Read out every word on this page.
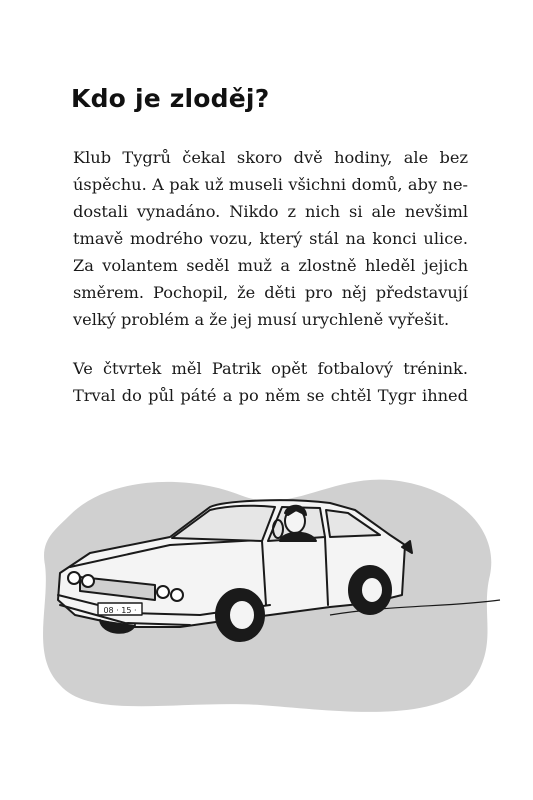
Kdo je zloděj?
Klub Tygrů čekal skoro dvě hodiny, ale bez
úspěchu. A pak už museli všichni domů, aby ne-
dostali vynadáno. Nikdo z nich si ale nevšiml
tmavě modrého vozu, který stál na konci ulice.
Za volantem seděl muž a zlostně hleděl jejich
směrem. Pochopil, že děti pro něj představují
velký problém a že jej musí urychleně vyřešit.
Ve čtvrtek měl Patrik opět fotbalový trénink.
Trval do půl páté a po něm se chtěl Tygr ihned
08 · 15 ·
